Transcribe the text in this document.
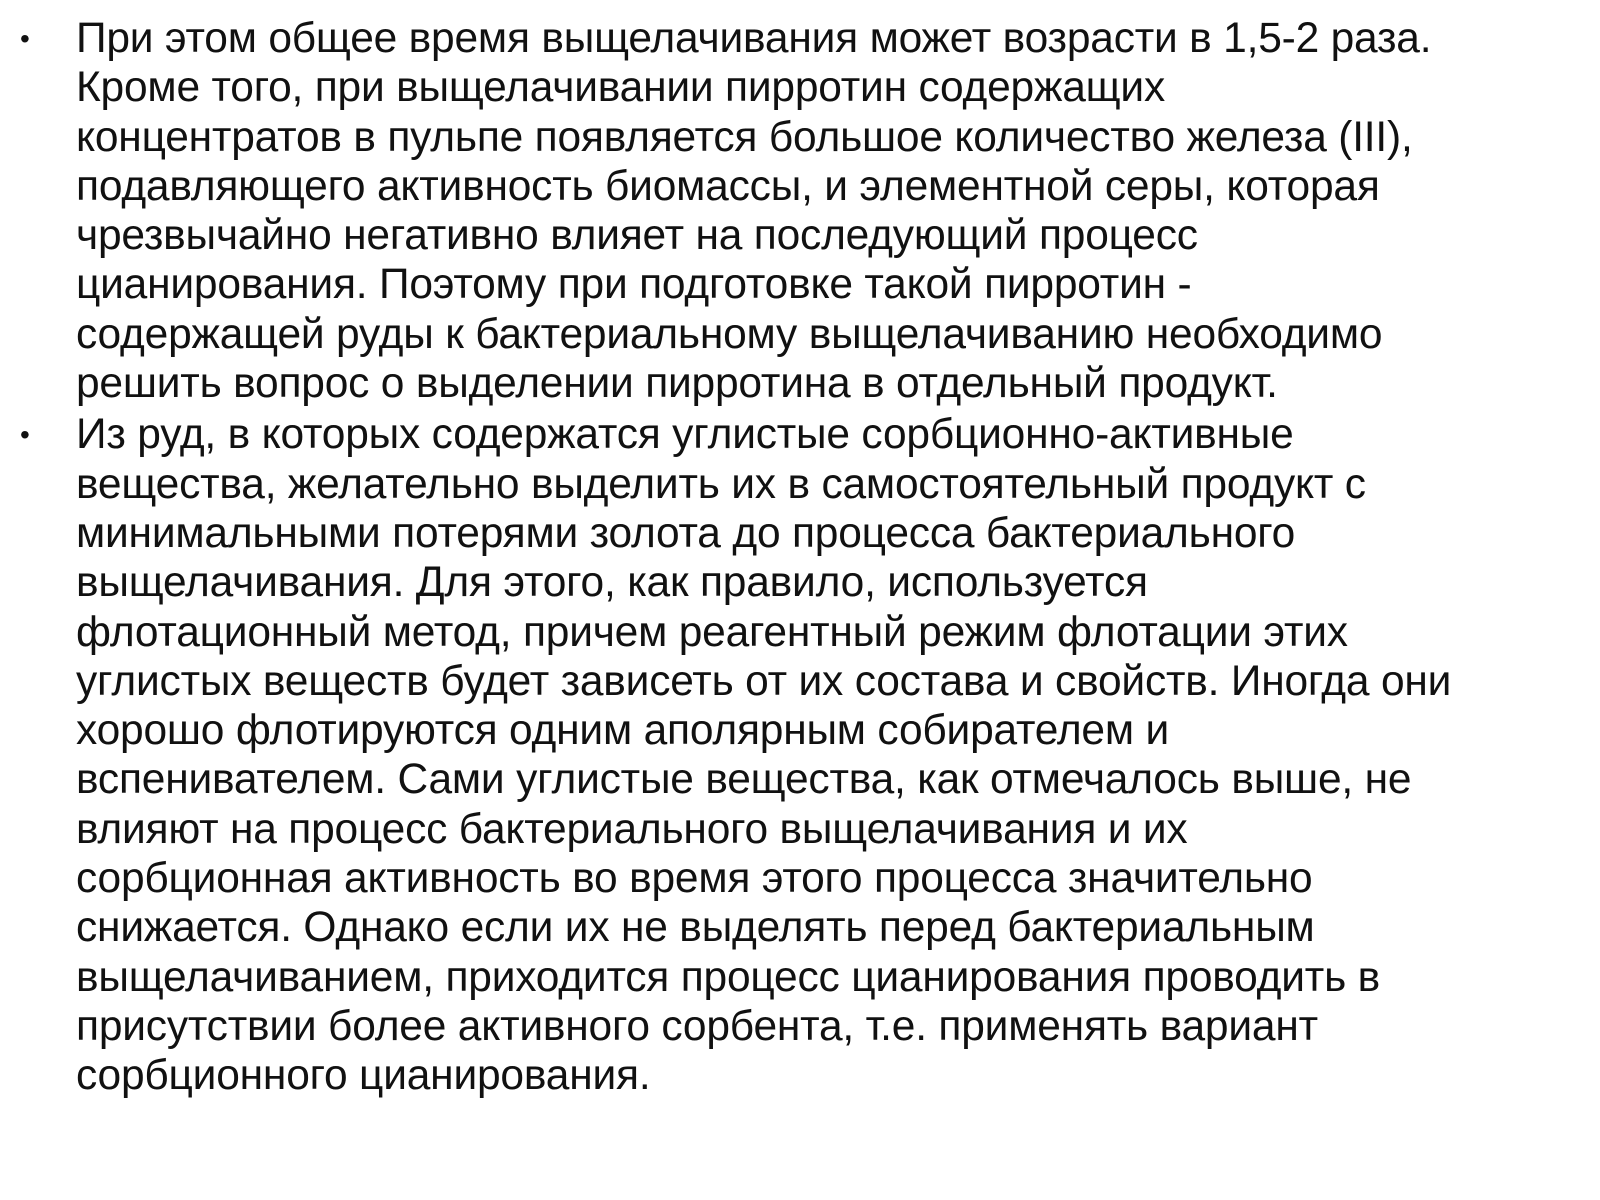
• При этом общее время выщелачивания может возрасти в 1,5-2 раза.
Кроме того, при выщелачивании пирротин содержащих
концентратов в пульпе появляется большое количество железа (III),
подавляющего активность биомассы, и элементной серы, которая
чрезвычайно негативно влияет на последующий процесс
цианирования. Поэтому при подготовке такой пирротин -
содержащей руды к бактериальному выщелачиванию необходимо
решить вопрос о выделении пирротина в отдельный продукт.
• Из руд, в которых содержатся углистые сорбционно-активные
вещества, желательно выделить их в самостоятельный продукт с
минимальными потерями золота до процесса бактериального
выщелачивания. Для этого, как правило, используется
флотационный метод, причем реагентный режим флотации этих
углистых веществ будет зависеть от их состава и свойств. Иногда они
хорошо флотируются одним аполярным собирателем и
вспенивателем. Сами углистые вещества, как отмечалось выше, не
влияют на процесс бактериального выщелачивания и их
сорбционная активность во время этого процесса значительно
снижается. Однако если их не выделять перед бактериальным
выщелачиванием, приходится процесс цианирования проводить в
присутствии более активного сорбента, т.е. применять вариант
сорбционного цианирования.
